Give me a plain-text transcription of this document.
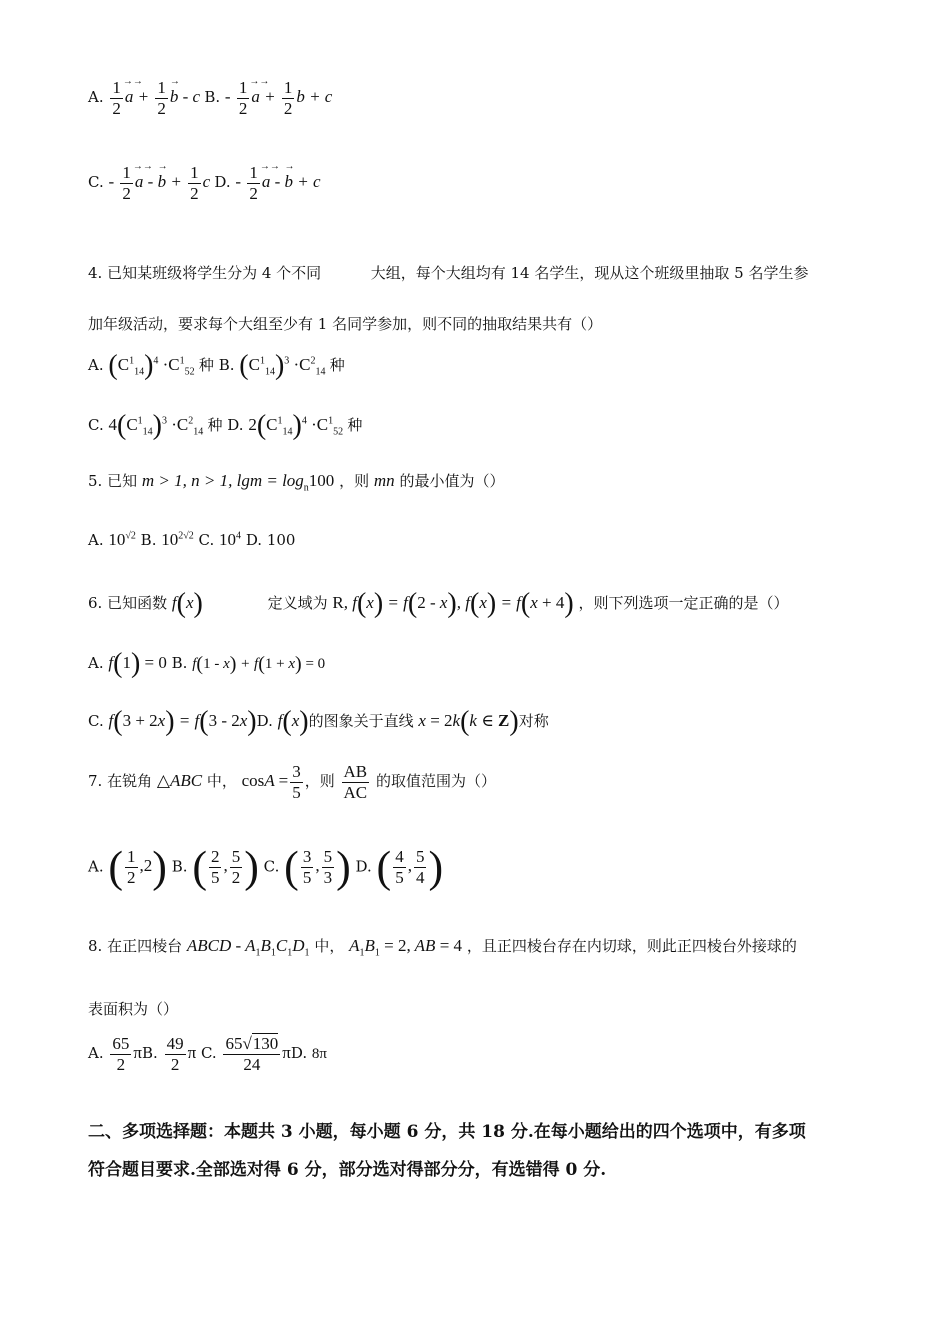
A. $\frac{1}{2}$
→→ $a + \frac{1}{2}$
→ b - c B. - $\frac{1}{2}$
→→ $a + \frac{1}{2}$ b + c
C. - $\frac{1}{2}$
→→ a - → $b + \frac{1}{2}$ c D. - $\frac{1}{2}$
→→ a - → b + c
4. 已知某班级将学生分为 4 个不同	大组，每个大组均有 14 名学生，现从这个班级里抽取 5 名学生参
加年级活动，要求每个大组至少有 1 名同学参加，则不同的抽取结果共有（）
A. $(C^1_{14})^4 \cdot C^1_{52}$ 种 B. $(C^1_{14})^3 \cdot C^2_{14}$ 种
C. $4(C^1_{14})^3 \cdot C^2_{14}$ 种 D. $2(C^1_{14})^4 \cdot C^1_{52}$ 种
5. 已知 m > 1, n > 1, $\lg m = \log_n100$ ，则 mn 的最小值为（）
A. $10^{√2}$ B. $10^{2√2}$ C. $10^4$ D. 100
6. 已知函数 f(x)	定义域为 R, f(x) = f(2 - x), f(x) = f(x + 4) ，则下列选项一定正确的是（）
A. f(1) = 0 B. f(1 - x) + f(1 + x) = 0
C. f(3 + 2x) = f(3 - 2x)D. f(x)的图象关于直线 x = 2k(k ∈ Z)对称
7. 在锐角 △ABC 中， $\cos A = \frac{3}{5}$ ，则 $\frac{AB}{AC}$ 的取值范围为（）
A. ( $\frac{1}{2} ,2$) B. ( $\frac{2}{5}$ , $\frac{5}{2}$ ) C. ( $\frac{3}{5}$ , $\frac{5}{3}$ ) D. ( $\frac{4}{5}$ , $\frac{5}{4}$ )
8. 在正四棱台 ABCD - $A_1B_1C_1D_1$ 中， $A_1B_1 = 2$, AB = 4 ，且正四棱台存在内切球，则此正四棱台外接球的
表面积为（）
A. $\frac{65}{2} \pi B$. $\frac{49}{2}$ π C. $\frac{65√130}{24} \pi D$. 8π
二、多项选择题：本题共 3 小题，每小题 6 分，共 18 分.在每小题给出的四个选项中，有多项
符合题目要求.全部选对得 6 分，部分选对得部分分，有选错得 0 分.
